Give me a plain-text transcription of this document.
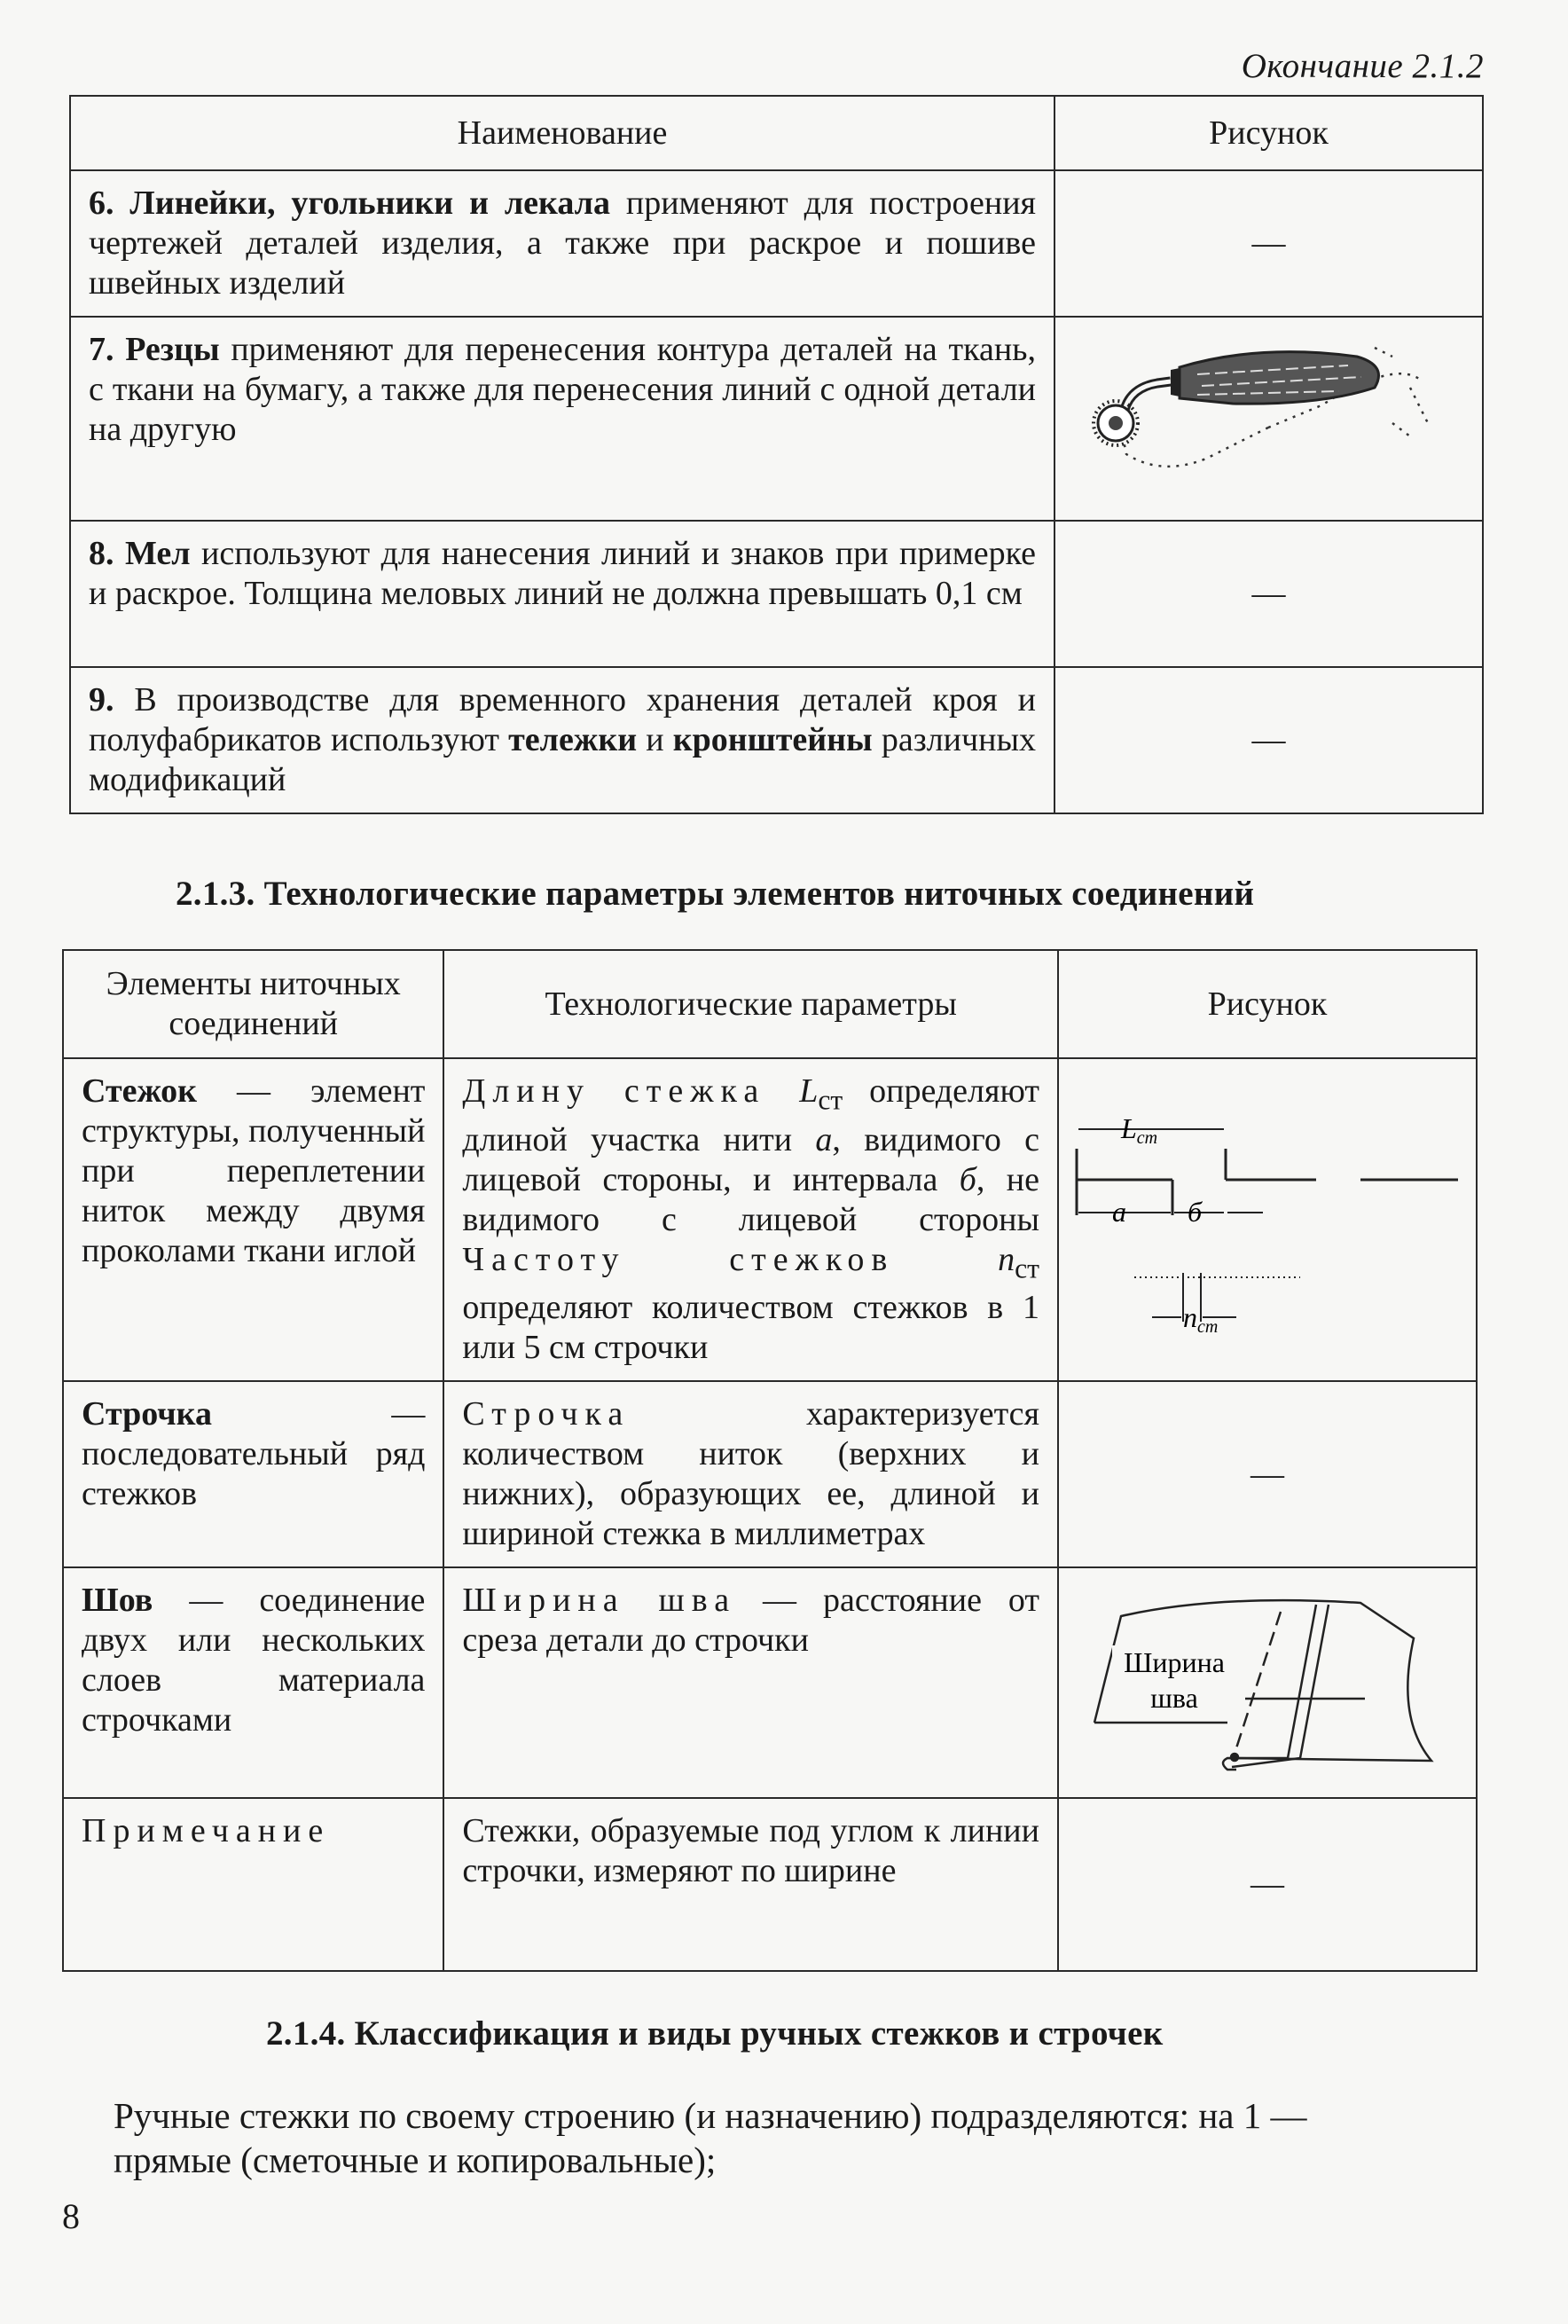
Окончание 2.1.2
Наименование	Рисунок
6. Линейки, угольники и лекала применяют для построения чертежей деталей изделия, а также при раскрое и пошиве швейных изделий	—
7. Резцы применяют для перенесения контура деталей на ткань, с ткани на бумагу, а также для перенесения линий с одной детали на другую	
8. Мел используют для нанесения линий и знаков при примерке и раскрое. Толщина меловых линий не должна превышать 0,1 см	—
9. В производстве для временного хранения деталей кроя и полуфабрикатов используют тележки и кронштейны различных модификаций	—
2.1.3. Технологические параметры элементов ниточных соединений
Элементы ниточных соединений	Технологические параметры	Рисунок
Стежок — элемент структуры, полученный при переплетении ниток между двумя проколами ткани иглой	Длину стежка $L_{ст}$ определяют длиной участка нити а, видимого с лицевой стороны, и интервала б, не видимого с лицевой стороны Частоту стежков $n_{ст}$ определяют количеством стежков в 1 или 5 см строчки	Lст
a б
nст

Строчка — последовательный ряд стежков	Строчка характеризуется количеством ниток (верхних и нижних), образующих ее, длиной и шириной стежка в миллиметрах	—
Шов — соединение двух или нескольких слоев материала строчками	Ширина шва — расстояние от среза детали до строчки	Ширина
шва

Примечание	Стежки, образуемые под углом к линии строчки, измеряют по ширине	—
2.1.4. Классификация и виды ручных стежков и строчек
Ручные стежки по своему строению (и назначению) подразделяются: на 1 — прямые (сметочные и копировальные);
8
